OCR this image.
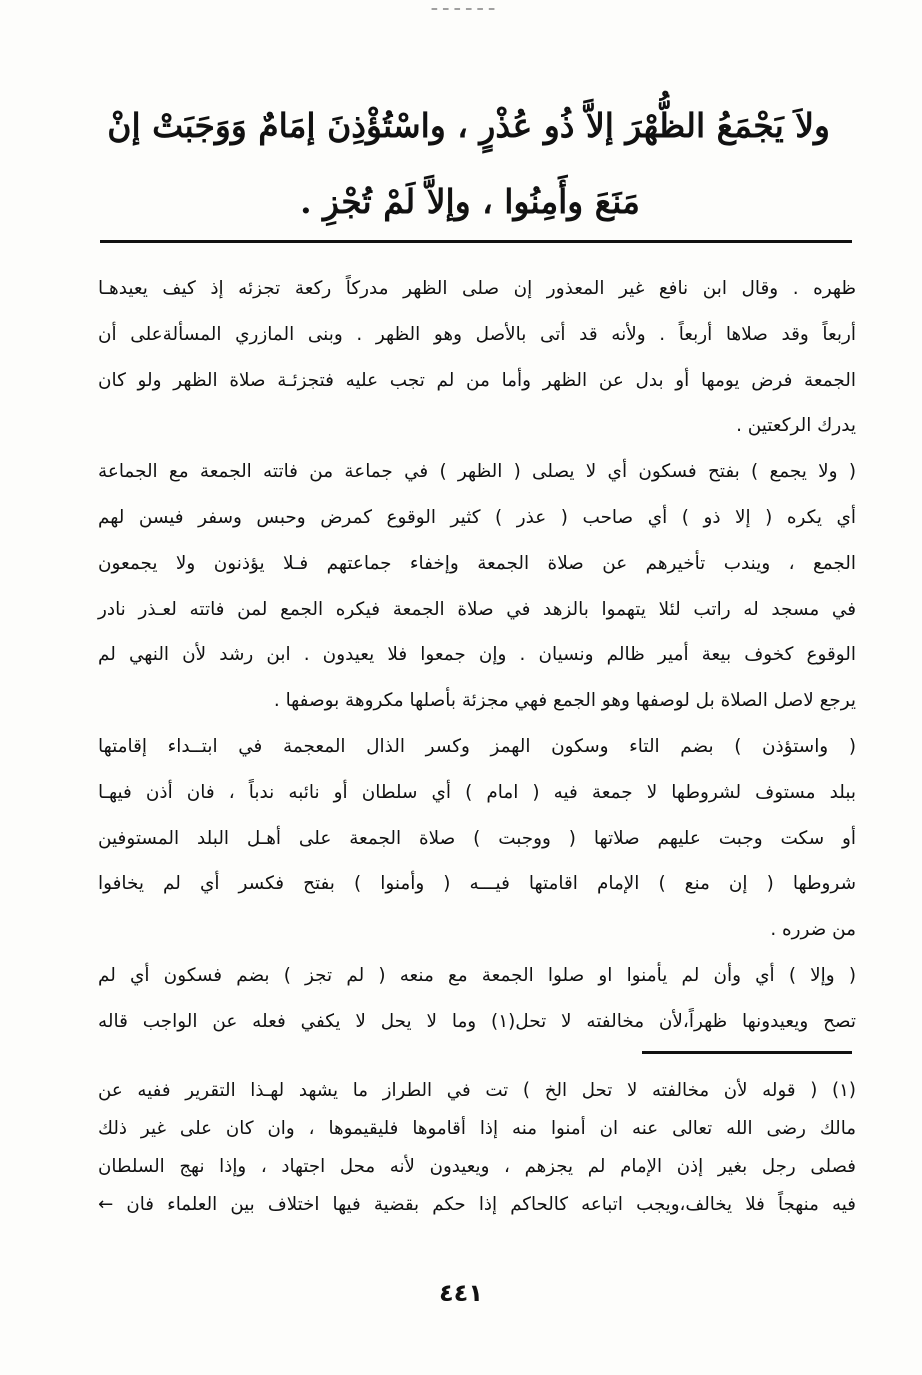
– – – – – –
ولاَ يَجْمَعُ الظُّهْرَ إلاَّ ذُو عُذْرٍ ، واسْتُؤْذِنَ إمَامٌ وَوَجَبَتْ إنْ
مَنَعَ وأَمِنُوا ، وإلاَّ لَمْ تُجْزِ .

ظهره . وقال ابن نافع غير المعذور إن صلى الظهر مدركاً ركعة تجزئه إذ كيف يعيدهـا
أربعاً وقد صلاها أربعاً . ولأنه قد أتى بالأصل وهو الظهر . وبنى المازري المسألةعلى أن
الجمعة فرض يومها أو بدل عن الظهر وأما من لم تجب عليه فتجزئـة صلاة الظهر ولو كان
يدرك الركعتين .

( ولا يجمع ) بفتح فسكون أي لا يصلى ( الظهر ) في جماعة من فاتته الجمعة مع الجماعة
أي يكره ( إلا ذو ) أي صاحب ( عذر ) كثير الوقوع كمرض وحبس وسفر فيسن لهم
الجمع ، ويندب تأخيرهم عن صلاة الجمعة وإخفاء جماعتهم فـلا يؤذنون ولا يجمعون
في مسجد له راتب لئلا يتهموا بالزهد في صلاة الجمعة فيكره الجمع لمن فاتته لعـذر نادر
الوقوع كخوف بيعة أمير ظالم ونسيان . وإن جمعوا فلا يعيدون . ابن رشد لأن النهي لم
يرجع لاصل الصلاة بل لوصفها وهو الجمع فهي مجزئة بأصلها مكروهة بوصفها .

( واستؤذن ) بضم التاء وسكون الهمز وكسر الذال المعجمة في ابتــداء إقامتها
ببلد مستوف لشروطها لا جمعة فيه ( امام ) أي سلطان أو نائبه ندباً ، فان أذن فيهـا
أو سكت وجبت عليهم صلاتها ( ووجبت ) صلاة الجمعة على أهـل البلد المستوفين
شروطها ( إن منع ) الإمام اقامتها فيـــه ( وأمنوا ) بفتح فكسر أي لم يخافوا
من ضرره .

( وإلا ) أي وأن لم يأمنوا او صلوا الجمعة مع منعه ( لم تجز ) بضم فسكون أي لم
تصح ويعيدونها ظهراً،لأن مخالفته لا تحل(١) وما لا يحل لا يكفي فعله عن الواجب قاله

(١) ( قوله لأن مخالفته لا تحل الخ ) تت في الطراز ما يشهد لهـذا التقرير ففيه عن
مالك رضى الله تعالى عنه ان أمنوا منه إذا أقاموها فليقيموها ، وان كان على غير ذلك
فصلى رجل بغير إذن الإمام لم يجزهم ، ويعيدون لأنه محل اجتهاد ، وإذا نهج السلطان
فيه منهجاً فلا يخالف،ويجب اتباعه كالحاكم إذا حكم بقضية فيها اختلاف بين العلماء فان ←
٤٤١
